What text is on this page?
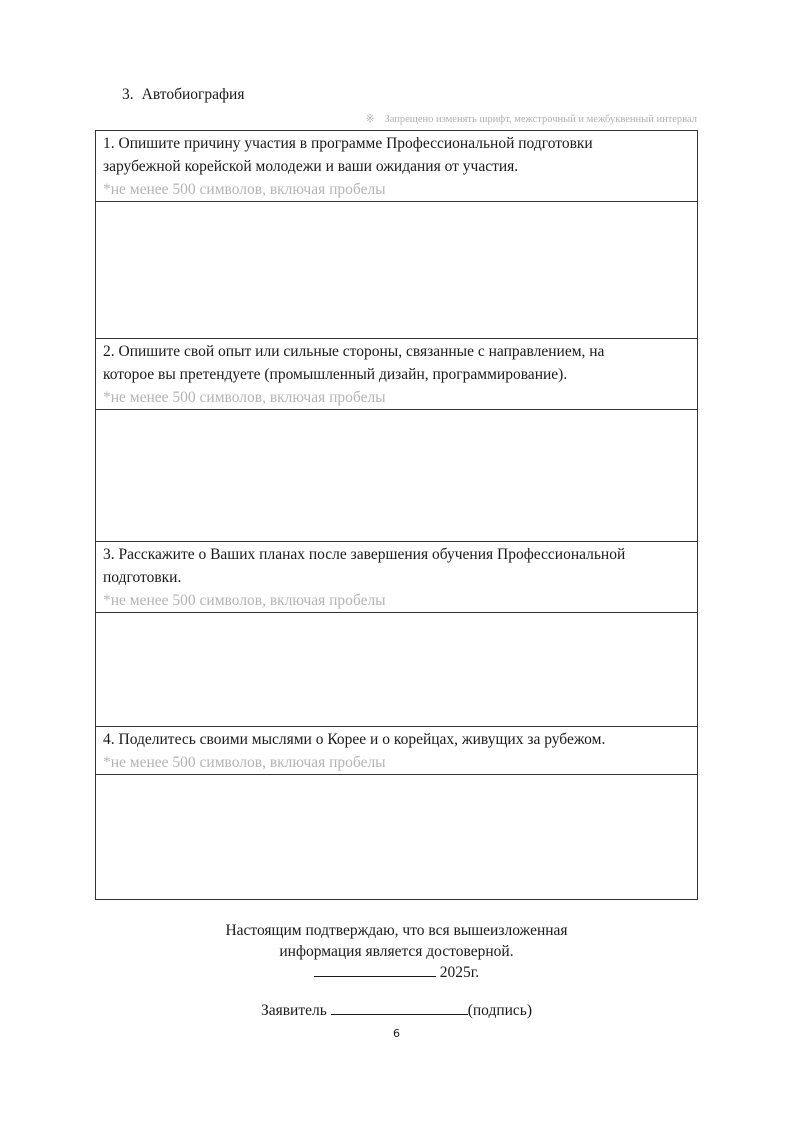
3. Автобиография
※ Запрещено изменять шрифт, межстрочный и межбуквенный интервал
1. Опишите причину участия в программе Профессиональной подготовки
зарубежной корейской молодежи и ваши ожидания от участия.
*не менее 500 символов, включая пробелы

2. Опишите свой опыт или сильные стороны, связанные с направлением, на
которое вы претендуете (промышленный дизайн, программирование).
*не менее 500 символов, включая пробелы

3. Расскажите о Ваших планах после завершения обучения Профессиональной
подготовки.
*не менее 500 символов, включая пробелы

4. Поделитесь своими мыслями о Корее и о корейцах, живущих за рубежом.
*не менее 500 символов, включая пробелы

Настоящим подтверждаю, что вся вышеизложенная
информация является достоверной.
2025г.
Заявитель	(подпись)
6
